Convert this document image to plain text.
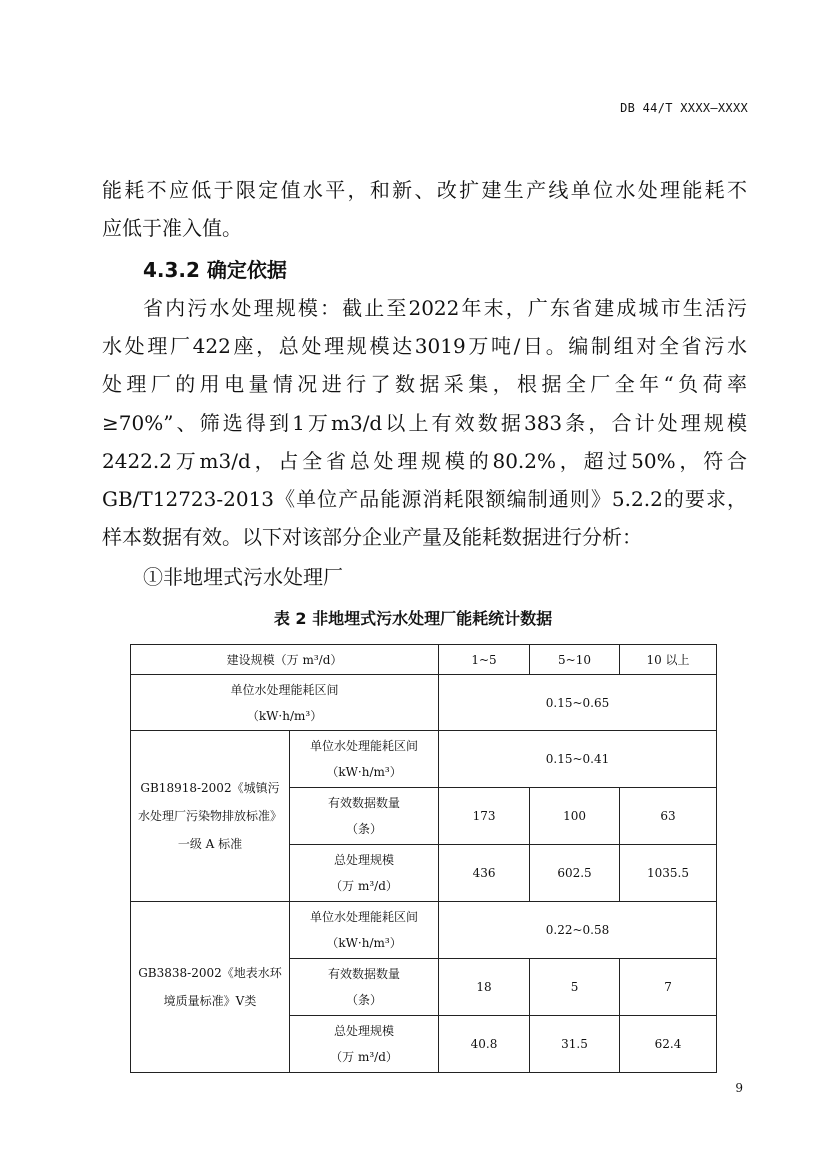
DB 44/T XXXX—XXXX
能耗不应低于限定值水平，和新、改扩建生产线单位水处理能耗不
应低于准入值。
4.3.2 确定依据
省内污水处理规模：截止至2022年末，广东省建成城市生活污
水处理厂422座，总处理规模达3019万吨/日。编制组对全省污水
处理厂的用电量情况进行了数据采集，根据全厂全年“负荷率
≥70%”、筛选得到1万m3/d以上有效数据383条，合计处理规模
2422.2万m3/d，占全省总处理规模的80.2%，超过50%，符合
GB/T12723-2013《单位产品能源消耗限额编制通则》5.2.2的要求，
样本数据有效。以下对该部分企业产量及能耗数据进行分析：
①非地埋式污水处理厂
表 2 非地埋式污水处理厂能耗统计数据
建设规模（万 m³/d）		1~5	5~10	10 以上

单位水处理能耗区间
（kW·h/m³）		0.15~0.65		
GB18918-2002《城镇污水处理厂污染物排放标准》一级 A 标准	单位水处理能耗区间
（kW·h/m³）	0.15~0.41		

	有效数据数量
（条）	173	100	63

	总处理规模
（万 m³/d）	436	602.5	1035.5
GB3838-2002《地表水环境质量标准》V类	单位水处理能耗区间
（kW·h/m³）	0.22~0.58		

	有效数据数量
（条）	18	5	7

	总处理规模
（万 m³/d）	40.8	31.5	62.4
9
